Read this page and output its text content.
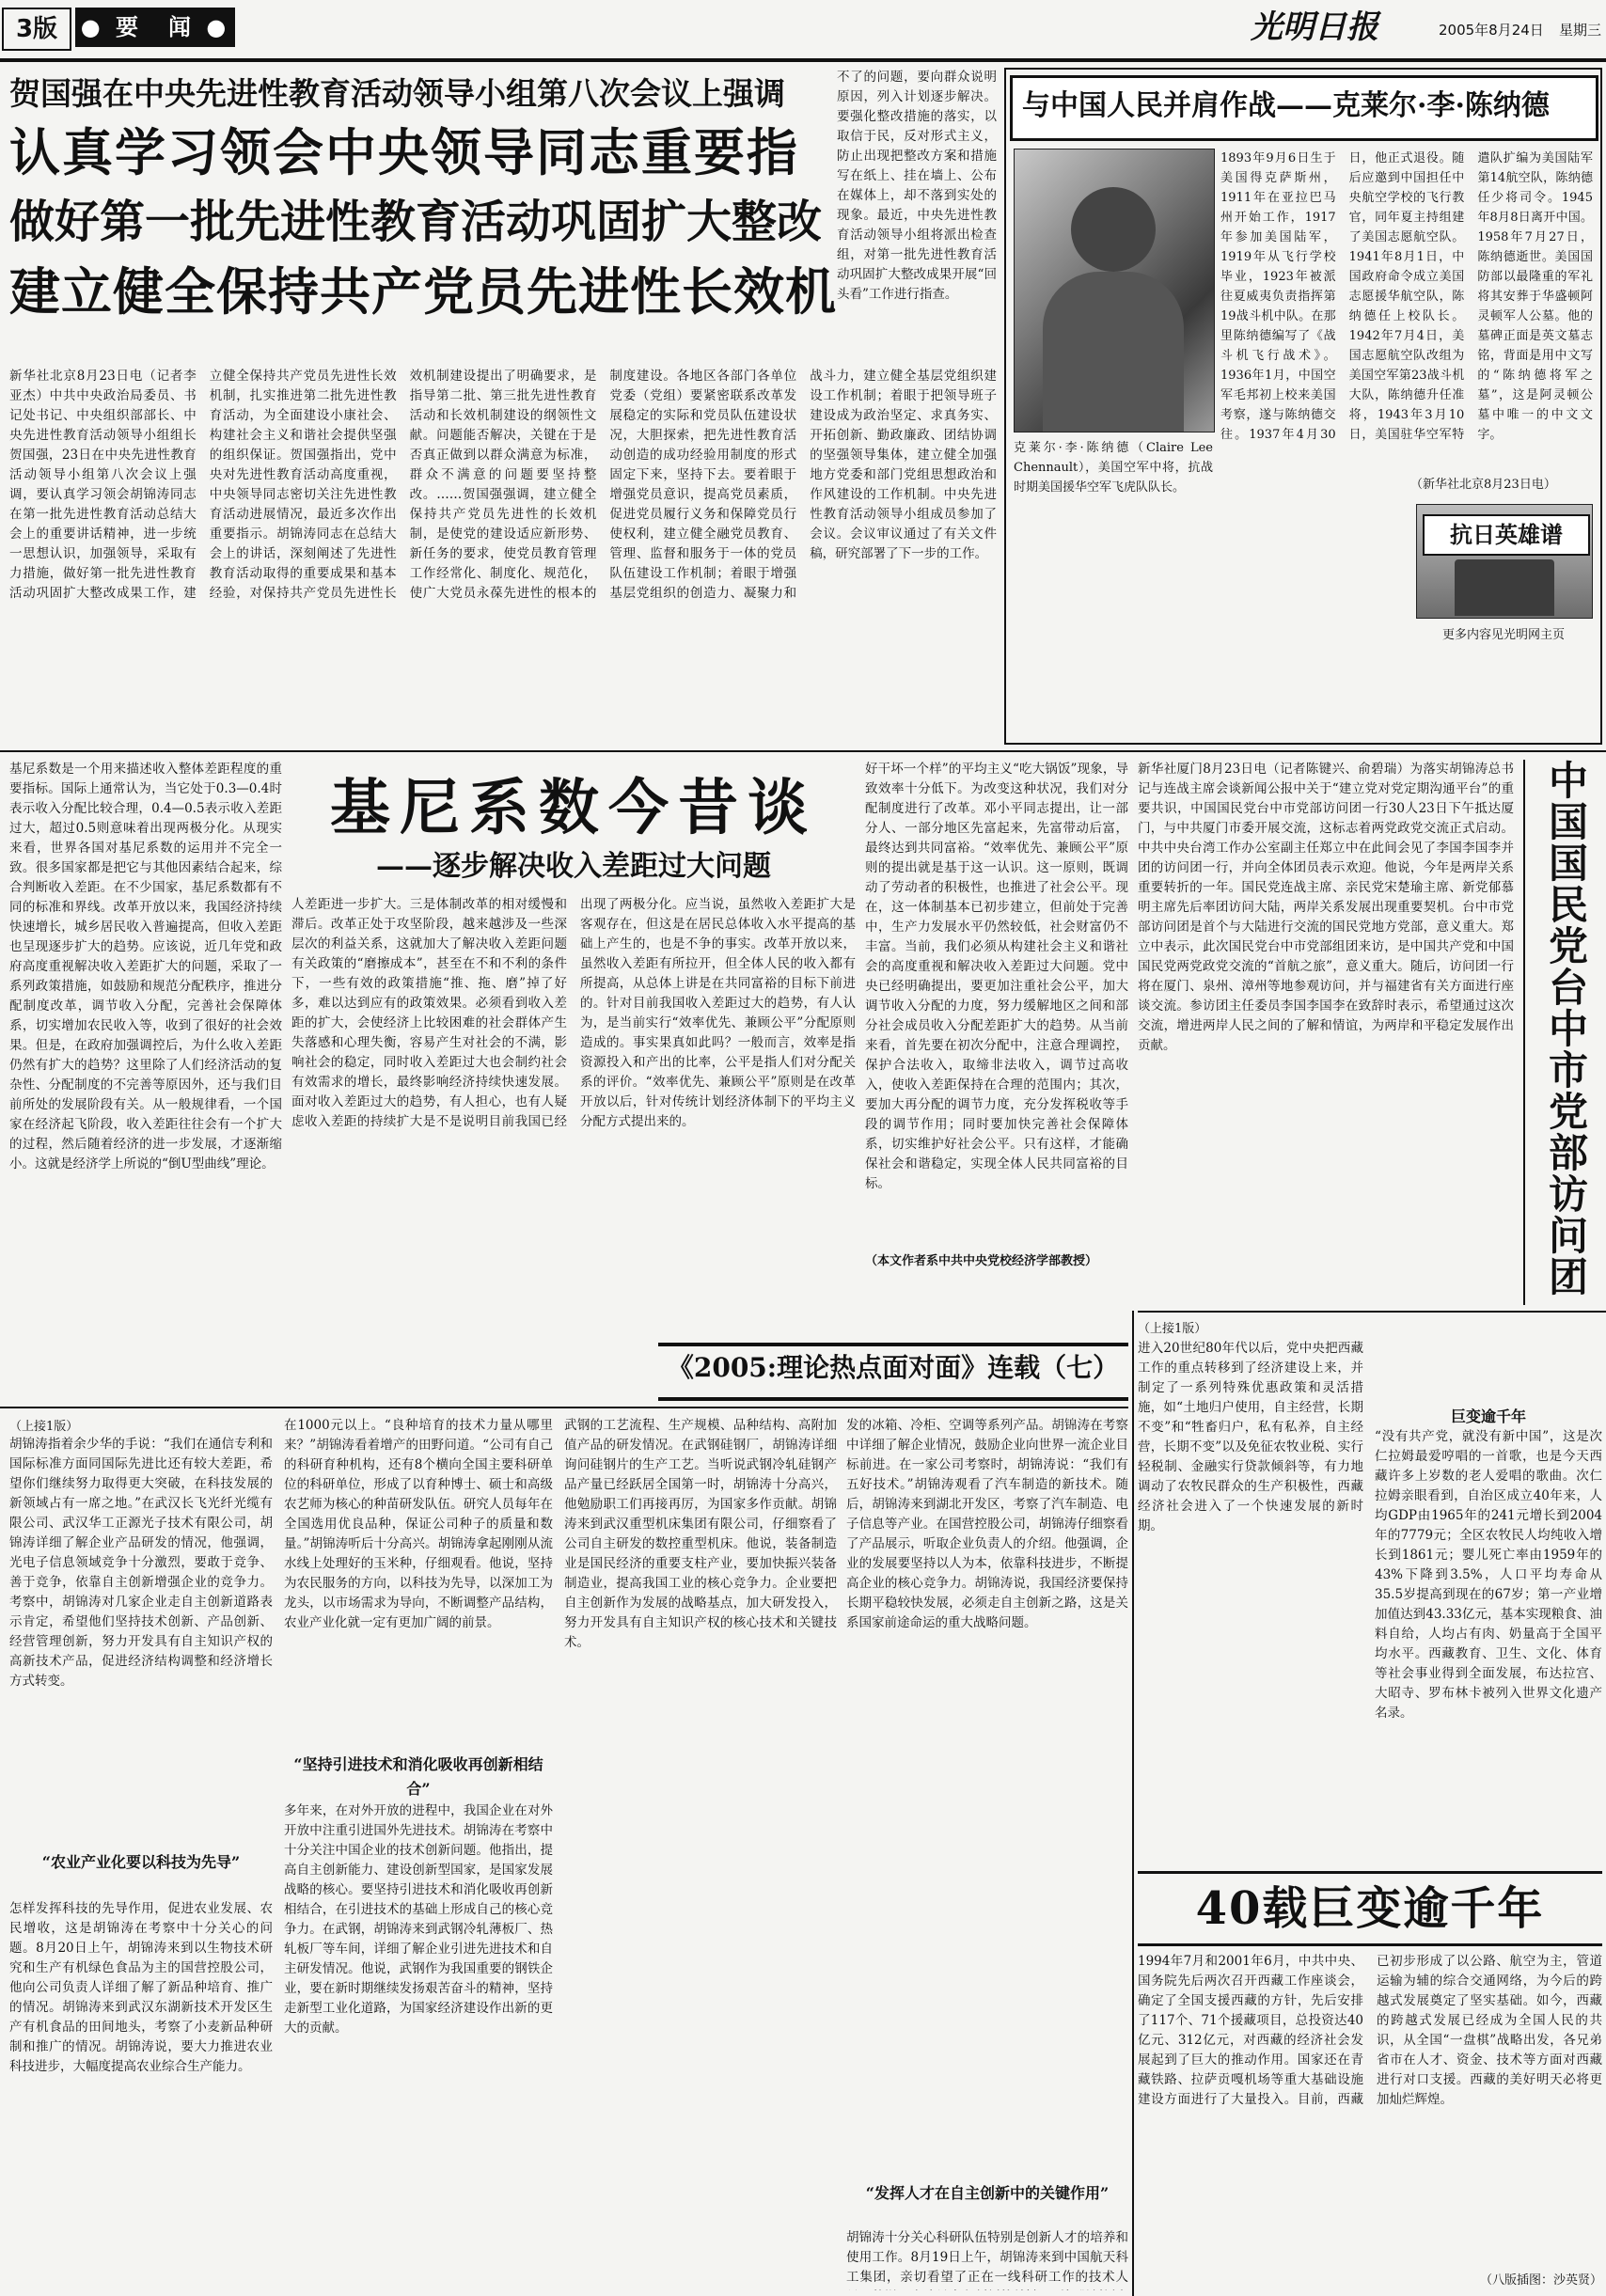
3版	● 要　闻 ●	光明日报	2005年8月24日	星期三
贺国强在中央先进性教育活动领导小组第八次会议上强调
认真学习领会中央领导同志重要指
做好第一批先进性教育活动巩固扩大整改
建立健全保持共产党员先进性长效机
不了的问题，要向群众说明原因，列入计划逐步解决。要强化整改措施的落实，以取信于民，反对形式主义，防止出现把整改方案和措施写在纸上、挂在墙上、公布在媒体上，却不落到实处的现象。最近，中央先进性教育活动领导小组将派出检查组，对第一批先进性教育活动巩固扩大整改成果开展“回头看”工作进行指查。
新华社北京8月23日电（记者李亚杰）中共中央政治局委员、书记处书记、中央组织部部长、中央先进性教育活动领导小组组长贺国强，23日在中央先进性教育活动领导小组第八次会议上强调，要认真学习领会胡锦涛同志在第一批先进性教育活动总结大会上的重要讲话精神，进一步统一思想认识，加强领导，采取有力措施，做好第一批先进性教育活动巩固扩大整改成果工作，建立健全保持共产党员先进性长效机制，扎实推进第二批先进性教育活动，为全面建设小康社会、构建社会主义和谐社会提供坚强的组织保证。贺国强指出，党中央对先进性教育活动高度重视，中央领导同志密切关注先进性教育活动进展情况，最近多次作出重要指示。胡锦涛同志在总结大会上的讲话，深刻阐述了先进性教育活动取得的重要成果和基本经验，对保持共产党员先进性长效机制建设提出了明确要求，是指导第二批、第三批先进性教育活动和长效机制建设的纲领性文献。问题能否解决，关键在于是否真正做到以群众满意为标准，群众不满意的问题要坚持整改。……贺国强强调，建立健全保持共产党员先进性的长效机制，是使党的建设适应新形势、新任务的要求，使党员教育管理工作经常化、制度化、规范化，使广大党员永葆先进性的根本的制度建设。各地区各部门各单位党委（党组）要紧密联系改革发展稳定的实际和党员队伍建设状况，大胆探索，把先进性教育活动创造的成功经验用制度的形式固定下来，坚持下去。要着眼于增强党员意识，提高党员素质，促进党员履行义务和保障党员行使权利，建立健全融党员教育、管理、监督和服务于一体的党员队伍建设工作机制；着眼于增强基层党组织的创造力、凝聚力和战斗力，建立健全基层党组织建设工作机制；着眼于把领导班子建设成为政治坚定、求真务实、开拓创新、勤政廉政、团结协调的坚强领导集体，建立健全加强地方党委和部门党组思想政治和作风建设的工作机制。中央先进性教育活动领导小组成员参加了会议。会议审议通过了有关文件稿，研究部署了下一步的工作。
与中国人民并肩作战——克莱尔·李·陈纳德
克莱尔·李·陈纳德（Claire Lee Chennault），美国空军中将，抗战时期美国援华空军飞虎队队长。
1893年9月6日生于美国得克萨斯州，1911年在亚拉巴马州开始工作，1917年参加美国陆军，1919年从飞行学校毕业，1923年被派往夏威夷负责指挥第19战斗机中队。在那里陈纳德编写了《战斗机飞行战术》。1936年1月，中国空军毛邦初上校来美国考察，遂与陈纳德交往。1937年4月30日，他正式退役。随后应邀到中国担任中央航空学校的飞行教官，同年夏主持组建了美国志愿航空队。1941年8月1日，中国政府命令成立美国志愿援华航空队，陈纳德任上校队长。1942年7月4日，美国志愿航空队改组为美国空军第23战斗机大队，陈纳德升任准将，1943年3月10日，美国驻华空军特遣队扩编为美国陆军第14航空队，陈纳德任少将司令。1945年8月8日离开中国。1958年7月27日，陈纳德逝世。美国国防部以最隆重的军礼将其安葬于华盛顿阿灵顿军人公墓。他的墓碑正面是英文墓志铭，背面是用中文写的“陈纳德将军之墓”，这是阿灵顿公墓中唯一的中文文字。
（新华社北京8月23日电）
抗日英雄谱
更多内容见光明网主页
基尼系数是一个用来描述收入整体差距程度的重要指标。国际上通常认为，当它处于0.3—0.4时表示收入分配比较合理，0.4—0.5表示收入差距过大，超过0.5则意味着出现两极分化。从现实来看，世界各国对基尼系数的运用并不完全一致。很多国家都是把它与其他因素结合起来，综合判断收入差距。在不少国家，基尼系数都有不同的标准和界线。改革开放以来，我国经济持续快速增长，城乡居民收入普遍提高，但收入差距也呈现逐步扩大的趋势。应该说，近几年党和政府高度重视解决收入差距扩大的问题，采取了一系列政策措施，如鼓励和规范分配秩序，推进分配制度改革，调节收入分配，完善社会保障体系，切实增加农民收入等，收到了很好的社会效果。但是，在政府加强调控后，为什么收入差距仍然有扩大的趋势？这里除了人们经济活动的复杂性、分配制度的不完善等原因外，还与我们目前所处的发展阶段有关。从一般规律看，一个国家在经济起飞阶段，收入差距往往会有一个扩大的过程，然后随着经济的进一步发展，才逐渐缩小。这就是经济学上所说的“倒U型曲线”理论。
基尼系数今昔谈
——逐步解决收入差距过大问题
人差距进一步扩大。三是体制改革的相对缓慢和滞后。改革正处于攻坚阶段，越来越涉及一些深层次的利益关系，这就加大了解决收入差距问题有关政策的“磨擦成本”，甚至在不和不利的条件下，一些有效的政策措施“推、拖、磨”掉了好多，难以达到应有的政策效果。必须看到收入差距的扩大，会使经济上比较困难的社会群体产生失落感和心理失衡，容易产生对社会的不满，影响社会的稳定，同时收入差距过大也会制约社会有效需求的增长，最终影响经济持续快速发展。面对收入差距过大的趋势，有人担心，也有人疑虑收入差距的持续扩大是不是说明目前我国已经出现了两极分化。应当说，虽然收入差距扩大是客观存在，但这是在居民总体收入水平提高的基础上产生的，也是不争的事实。改革开放以来，虽然收入差距有所拉开，但全体人民的收入都有所提高，从总体上讲是在共同富裕的目标下前进的。针对目前我国收入差距过大的趋势，有人认为，是当前实行“效率优先、兼顾公平”分配原则造成的。事实果真如此吗？一般而言，效率是指资源投入和产出的比率，公平是指人们对分配关系的评价。“效率优先、兼顾公平”原则是在改革开放以后，针对传统计划经济体制下的平均主义分配方式提出来的。
好干坏一个样”的平均主义“吃大锅饭”现象，导致效率十分低下。为改变这种状况，我们对分配制度进行了改革。邓小平同志提出，让一部分人、一部分地区先富起来，先富带动后富，最终达到共同富裕。“效率优先、兼顾公平”原则的提出就是基于这一认识。这一原则，既调动了劳动者的积极性，也推进了社会公平。现在，这一体制基本已初步建立，但前处于完善中，生产力发展水平仍然较低，社会财富仍不丰富。当前，我们必须从构建社会主义和谐社会的高度重视和解决收入差距过大问题。党中央已经明确提出，要更加注重社会公平，加大调节收入分配的力度，努力缓解地区之间和部分社会成员收入分配差距扩大的趋势。从当前来看，首先要在初次分配中，注意合理调控，保护合法收入，取缔非法收入，调节过高收入，使收入差距保持在合理的范围内；其次，要加大再分配的调节力度，充分发挥税收等手段的调节作用；同时要加快完善社会保障体系，切实维护好社会公平。只有这样，才能确保社会和谐稳定，实现全体人民共同富裕的目标。
（本文作者系中共中央党校经济学部教授）
《2005:理论热点面对面》连载（七）
新华社厦门8月23日电（记者陈键兴、俞碧瑞）为落实胡锦涛总书记与连战主席会谈新闻公报中关于“建立党对党定期沟通平台”的重要共识，中国国民党台中市党部访问团一行30人23日下午抵达厦门，与中共厦门市委开展交流，这标志着两党政党交流正式启动。中共中央台湾工作办公室副主任郑立中在此间会见了李国李国李并团的访问团一行，并向全体团员表示欢迎。他说，今年是两岸关系重要转折的一年。国民党连战主席、亲民党宋楚瑜主席、新党郁慕明主席先后率团访问大陆，两岸关系发展出现重要契机。台中市党部访问团是首个与大陆进行交流的国民党地方党部，意义重大。郑立中表示，此次国民党台中市党部组团来访，是中国共产党和中国国民党两党政党交流的“首航之旅”，意义重大。随后，访问团一行将在厦门、泉州、漳州等地参观访问，并与福建省有关方面进行座谈交流。参访团主任委员李国李国李在致辞时表示，希望通过这次交流，增进两岸人民之间的了解和情谊，为两岸和平稳定发展作出贡献。
中国国民党台中市党部访问团
（上接1版）
进入20世纪80年代以后，党中央把西藏工作的重点转移到了经济建设上来，并制定了一系列特殊优惠政策和灵活措施，如“土地归户使用，自主经营，长期不变”和“牲畜归户，私有私养，自主经营，长期不变”以及免征农牧业税、实行轻税制、金融实行贷款倾斜等，有力地调动了农牧民群众的生产积极性，西藏经济社会进入了一个快速发展的新时期。
巨变逾千年
“没有共产党，就没有新中国”，这是次仁拉姆最爱哼唱的一首歌，也是今天西藏许多上岁数的老人爱唱的歌曲。次仁拉姆亲眼看到，自治区成立40年来，人均GDP由1965年的241元增长到2004年的7779元；全区农牧民人均纯收入增长到1861元；婴儿死亡率由1959年的43%下降到3.5%，人口平均寿命从35.5岁提高到现在的67岁；第一产业增加值达到43.33亿元，基本实现粮食、油料自给，人均占有肉、奶量高于全国平均水平。西藏教育、卫生、文化、体育等社会事业得到全面发展，布达拉宫、大昭寺、罗布林卡被列入世界文化遗产名录。
40载巨变逾千年
1994年7月和2001年6月，中共中央、国务院先后两次召开西藏工作座谈会，确定了全国支援西藏的方针，先后安排了117个、71个援藏项目，总投资达40亿元、312亿元，对西藏的经济社会发展起到了巨大的推动作用。国家还在青藏铁路、拉萨贡嘎机场等重大基础设施建设方面进行了大量投入。目前，西藏已初步形成了以公路、航空为主，管道运输为辅的综合交通网络，为今后的跨越式发展奠定了坚实基础。如今，西藏的跨越式发展已经成为全国人民的共识，从全国“一盘棋”战略出发，各兄弟省市在人才、资金、技术等方面对西藏进行对口支援。西藏的美好明天必将更加灿烂辉煌。
（八版插图：沙英贤）
（上接1版）
胡锦涛指着余少华的手说：“我们在通信专利和国际标准方面同国际先进比还有较大差距，希望你们继续努力取得更大突破，在科技发展的新领域占有一席之地。”在武汉长飞光纤光缆有限公司、武汉华工正源光子技术有限公司，胡锦涛详细了解企业产品研发的情况，他强调，光电子信息领域竞争十分激烈，要敢于竞争、善于竞争，依靠自主创新增强企业的竞争力。考察中，胡锦涛对几家企业走自主创新道路表示肯定，希望他们坚持技术创新、产品创新、经营管理创新，努力开发具有自主知识产权的高新技术产品，促进经济结构调整和经济增长方式转变。
“农业产业化要以科技为先导”
怎样发挥科技的先导作用，促进农业发展、农民增收，这是胡锦涛在考察中十分关心的问题。8月20日上午，胡锦涛来到以生物技术研究和生产有机绿色食品为主的国营控股公司，他向公司负责人详细了解了新品种培育、推广的情况。胡锦涛来到武汉东湖新技术开发区生产有机食品的田间地头，考察了小麦新品种研制和推广的情况。胡锦涛说，要大力推进农业科技进步，大幅度提高农业综合生产能力。
在1000元以上。“良种培育的技术力量从哪里来？”胡锦涛看着增产的田野问道。“公司有自己的科研育种机构，还有8个横向全国主要科研单位的科研单位，形成了以育种博士、硕士和高级农艺师为核心的种苗研发队伍。研究人员每年在全国选用优良品种，保证公司种子的质量和数量。”胡锦涛听后十分高兴。胡锦涛拿起刚刚从流水线上处理好的玉米种，仔细观看。他说，坚持为农民服务的方向，以科技为先导，以深加工为龙头，以市场需求为导向，不断调整产品结构，农业产业化就一定有更加广阔的前景。
“坚持引进技术和消化吸收再创新相结合”
多年来，在对外开放的进程中，我国企业在对外开放中注重引进国外先进技术。胡锦涛在考察中十分关注中国企业的技术创新问题。他指出，提高自主创新能力、建设创新型国家，是国家发展战略的核心。要坚持引进技术和消化吸收再创新相结合，在引进技术的基础上形成自己的核心竞争力。在武钢，胡锦涛来到武钢冷轧薄板厂、热轧板厂等车间，详细了解企业引进先进技术和自主研发情况。他说，武钢作为我国重要的钢铁企业，要在新时期继续发扬艰苦奋斗的精神，坚持走新型工业化道路，为国家经济建设作出新的更大的贡献。
武钢的工艺流程、生产规模、品种结构、高附加值产品的研发情况。在武钢硅钢厂，胡锦涛详细询问硅钢片的生产工艺。当听说武钢冷轧硅钢产品产量已经跃居全国第一时，胡锦涛十分高兴，他勉励职工们再接再厉，为国家多作贡献。胡锦涛来到武汉重型机床集团有限公司，仔细察看了公司自主研发的数控重型机床。他说，装备制造业是国民经济的重要支柱产业，要加快振兴装备制造业，提高我国工业的核心竞争力。企业要把自主创新作为发展的战略基点，加大研发投入，努力开发具有自主知识产权的核心技术和关键技术。
发的冰箱、冷柜、空调等系列产品。胡锦涛在考察中详细了解企业情况，鼓励企业向世界一流企业目标前进。在一家公司考察时，胡锦涛说：“我们有五好技术。”胡锦涛观看了汽车制造的新技术。随后，胡锦涛来到湖北开发区，考察了汽车制造、电子信息等产业。在国营控股公司，胡锦涛仔细察看了产品展示，听取企业负责人的介绍。他强调，企业的发展要坚持以人为本，依靠科技进步，不断提高企业的核心竞争力。胡锦涛说，我国经济要保持长期平稳较快发展，必须走自主创新之路，这是关系国家前途命运的重大战略问题。
“发挥人才在自主创新中的关键作用”
胡锦涛十分关心科研队伍特别是创新人才的培养和使用工作。8月19日上午，胡锦涛来到中国航天科工集团，亲切看望了正在一线科研工作的技术人
